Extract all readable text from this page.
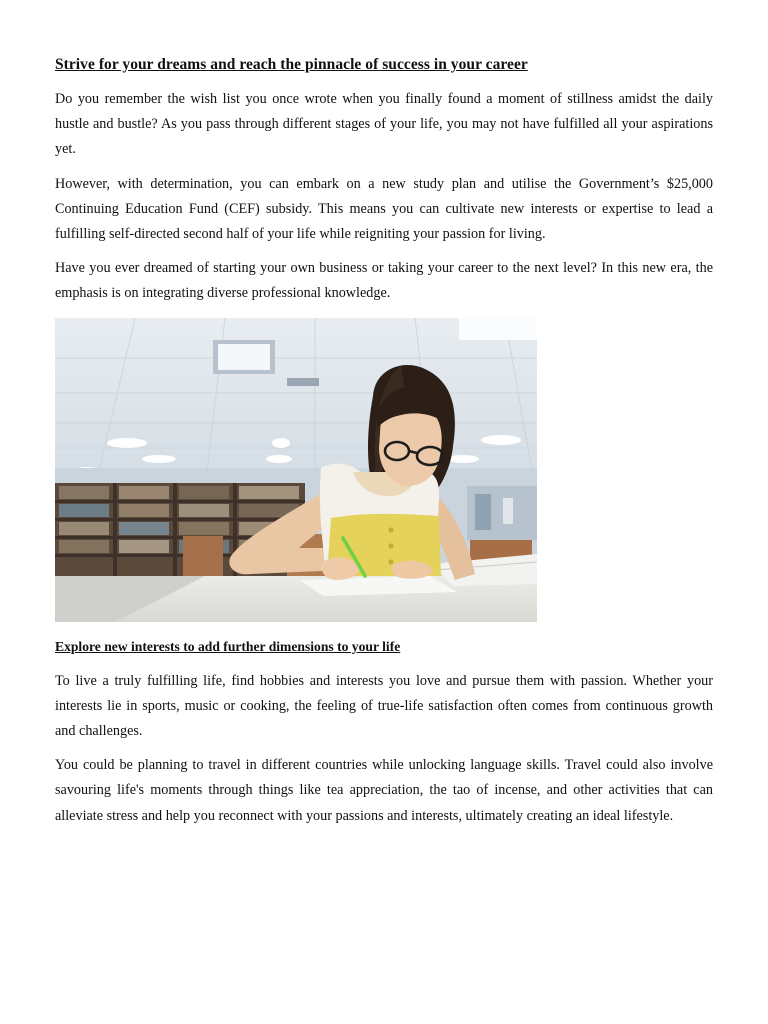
Strive for your dreams and reach the pinnacle of success in your career

Do you remember the wish list you once wrote when you finally found a moment of stillness amidst the daily hustle and bustle? As you pass through different stages of your life, you may not have fulfilled all your aspirations yet.

However, with determination, you can embark on a new study plan and utilise the Government’s $25,000 Continuing Education Fund (CEF) subsidy. This means you can cultivate new interests or expertise to lead a fulfilling self-directed second half of your life while reigniting your passion for living.

Have you ever dreamed of starting your own business or taking your career to the next level? In this new era, the emphasis is on integrating diverse professional knowledge.

Explore new interests to add further dimensions to your life

To live a truly fulfilling life, find hobbies and interests you love and pursue them with passion. Whether your interests lie in sports, music or cooking, the feeling of true-life satisfaction often comes from continuous growth and challenges.

You could be planning to travel in different countries while unlocking language skills. Travel could also involve savouring life's moments through things like tea appreciation, the tao of incense, and other activities that can alleviate stress and help you reconnect with your passions and interests, ultimately creating an ideal lifestyle.
